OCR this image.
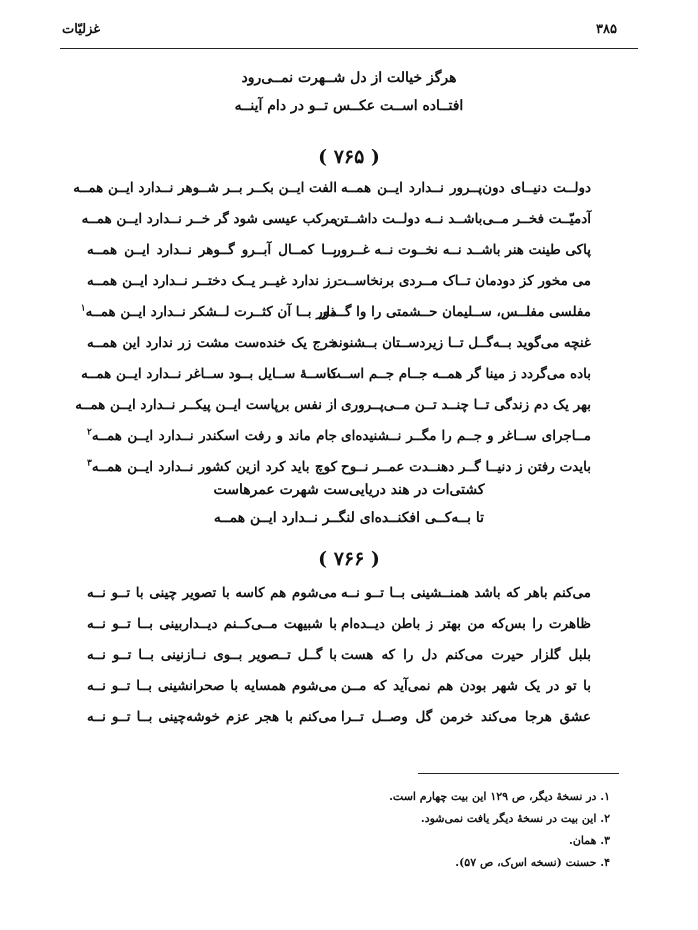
۳۸۵
غزلیّات
هرگز خیالت از دل شــهرت نمــی‌رود
افتــاده اســت عکــس تــو در دام آینــه
( ۷۶۵ )
دولــت دنیــای دون‌پــرور نــدارد ایــن همــه
الفت ایــن بکــر بــر شــوهر نــدارد ایــن همــه
آدمیّــت فخــر مــی‌باشــد نــه دولــت داشــتن
مرکب عیسی شود گر خــر نــدارد ایــن همــه
پاکی طینت هنر باشــد نــه نخــوت نــه غــرور
بــا کمــال آبــرو گــوهر نــدارد ایــن همــه
می مخور کز دودمان تــاک مــردی برنخاســت
رز ندارد غیــر یــک دختــر نــدارد ایــن همــه
مفلسی مفلــس، ســلیمان حــشمتی را وا گــذار
مور بــا آن کثــرت لــشکر نــدارد ایــن همــه$^۱$
غنچه می‌گوید بــه‌گــل تــا زیردســتان بــشنوند
خرج یک خنده‌ست مشت زر ندارد این همــه
باده می‌گردد ز مینا گر همــه جــام جــم اســت
کاســهٔ ســایل بــود ســاغر نــدارد ایــن همــه
بهر یک دم زندگی تــا چنــد تــن مــی‌پــروری
از نفس برپاست ایــن پیکــر نــدارد ایــن همــه
مــاجرای ســاغر و جــم را مگــر نــشنیده‌ای
جام ماند و رفت اسکندر نــدارد ایــن همــه$^۲$
بایدت رفتن ز دنیــا گــر دهنــدت عمــر نــوح
کوچ باید کرد ازین کشور نــدارد ایــن همــه$^۳$
کشتی‌ات در هند دریایی‌ست شهرت عمرهاست
تا بــه‌کــی افکنــده‌ای لنگــر نــدارد ایــن همــه
( ۷۶۶ )
می‌کنم باهر که باشد همنــشینی بــا تــو نــه
می‌شوم هم کاسه با تصویر چینی با تــو نــه
ظاهرت را بس‌که من بهتر ز باطن دیــده‌ام
با شبیهت مــی‌کــنم دیــداربینی بــا تــو نــه
بلبل گلزار حیرت می‌کنم دل را که هست
با گــل تــصویر بــوی نــازنینی بــا تــو نــه
با تو در یک شهر بودن هم نمی‌آید که مــن
می‌شوم همسایه با صحرانشینی بــا تــو نــه
عشق هرجا می‌کند خرمن گل وصــل تــرا
می‌کنم با هجر عزم خوشه‌چینی بــا تــو نــه
۱. در نسخهٔ دیگر، ص ۱۲۹ این بیت چهارم است.
۲. این بیت در نسخهٔ دیگر یافت نمی‌شود.
۳. همان.
۴. حسنت (نسخه اس‌ک، ص ۵۷).
